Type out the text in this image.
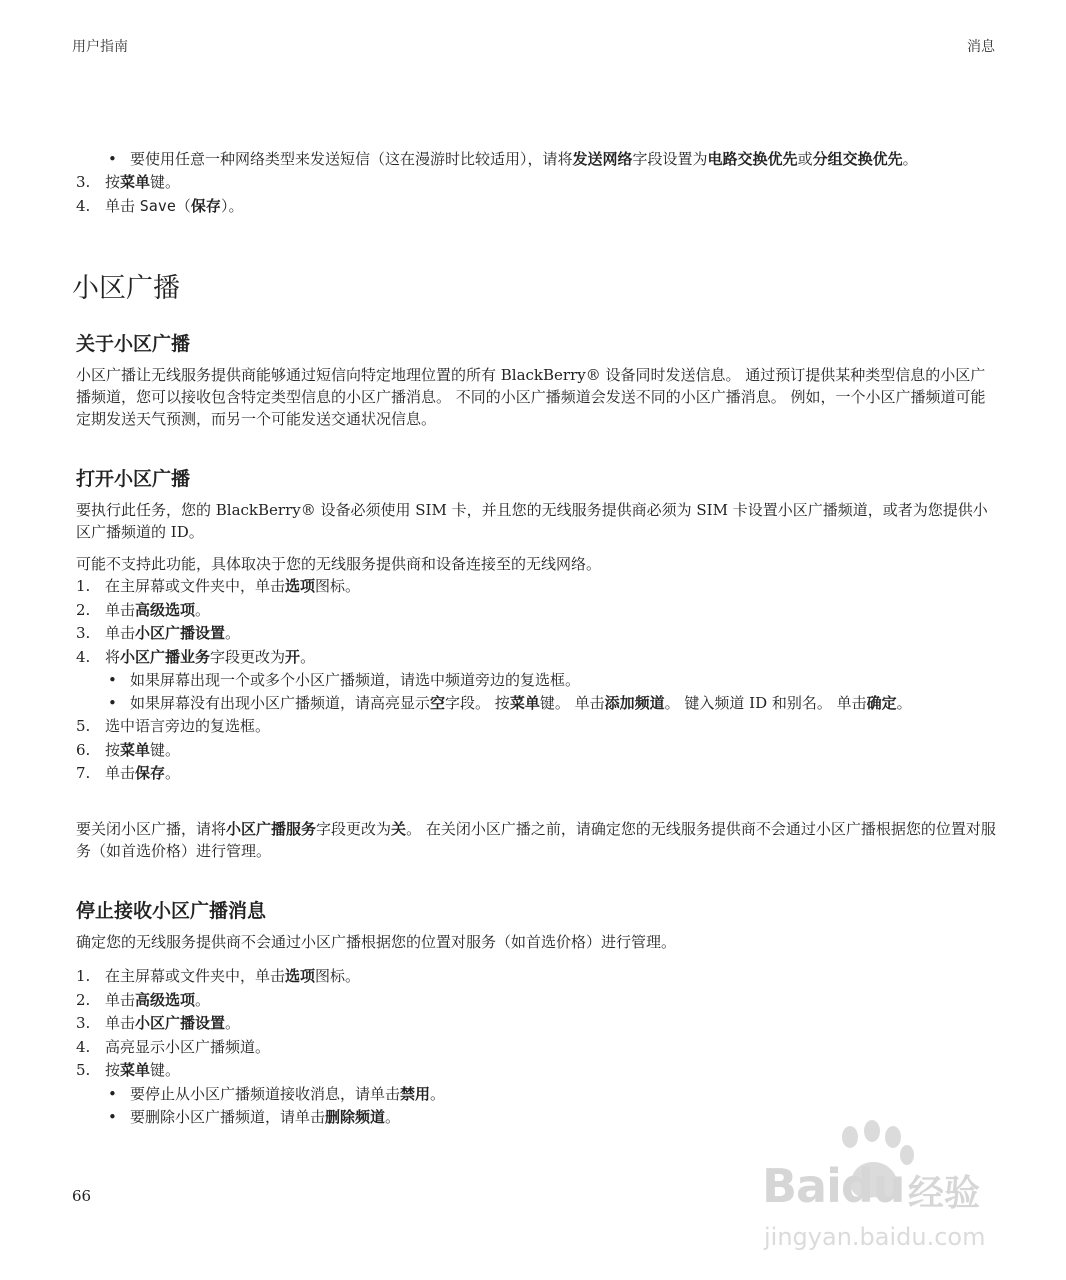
用户指南	消息

• 要使用任意一种网络类型来发送短信（这在漫游时比较适用），请将发送网络字段设置为电路交换优先或分组交换优先。

3. 按菜单键。

4. 单击 Save（保存）。

小区广播
关于小区广播

小区广播让无线服务提供商能够通过短信向特定地理位置的所有 BlackBerry® 设备同时发送信息。 通过预订提供某种类型信息的小区广播频道，您可以接收包含特定类型信息的小区广播消息。 不同的小区广播频道会发送不同的小区广播消息。 例如，一个小区广播频道可能定期发送天气预测，而另一个可能发送交通状况信息。

打开小区广播

要执行此任务，您的 BlackBerry® 设备必须使用 SIM 卡，并且您的无线服务提供商必须为 SIM 卡设置小区广播频道，或者为您提供小区广播频道的 ID。

可能不支持此功能，具体取决于您的无线服务提供商和设备连接至的无线网络。

1. 在主屏幕或文件夹中，单击选项图标。

2. 单击高级选项。

3. 单击小区广播设置。

4. 将小区广播业务字段更改为开。

• 如果屏幕出现一个或多个小区广播频道，请选中频道旁边的复选框。

• 如果屏幕没有出现小区广播频道，请高亮显示空字段。 按菜单键。 单击添加频道。 键入频道 ID 和别名。 单击确定。

5. 选中语言旁边的复选框。

6. 按菜单键。

7. 单击保存。

要关闭小区广播，请将小区广播服务字段更改为关。 在关闭小区广播之前，请确定您的无线服务提供商不会通过小区广播根据您的位置对服务（如首选价格）进行管理。

停止接收小区广播消息

确定您的无线服务提供商不会通过小区广播根据您的位置对服务（如首选价格）进行管理。

1. 在主屏幕或文件夹中，单击选项图标。

2. 单击高级选项。

3. 单击小区广播设置。

4. 高亮显示小区广播频道。

5. 按菜单键。

• 要停止从小区广播频道接收消息，请单击禁用。

• 要删除小区广播频道，请单击删除频道。

66	Baidu 经验
jingyan.baidu.com
